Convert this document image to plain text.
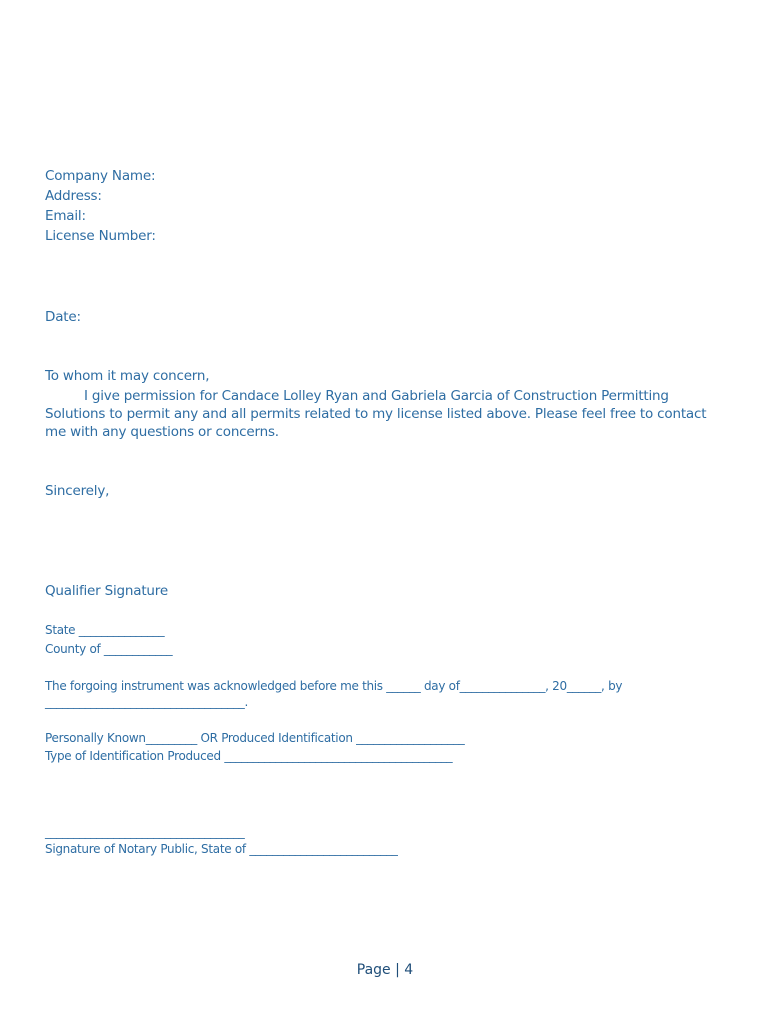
Company Name:
Address:
Email:
License Number:
Date:
To whom it may concern,
I give permission for Candace Lolley Ryan and Gabriela Garcia of Construction Permitting
Solutions to permit any and all permits related to my license listed above. Please feel free to contact
me with any questions or concerns.
Sincerely,
Qualifier Signature
State _______________
County of ____________
The forgoing instrument was acknowledged before me this ______ day of_______________, 20______, by
___________________________________.
Personally Known_________ OR Produced Identification ___________________
Type of Identification Produced ________________________________________
___________________________________
Signature of Notary Public, State of __________________________
Page | 4
